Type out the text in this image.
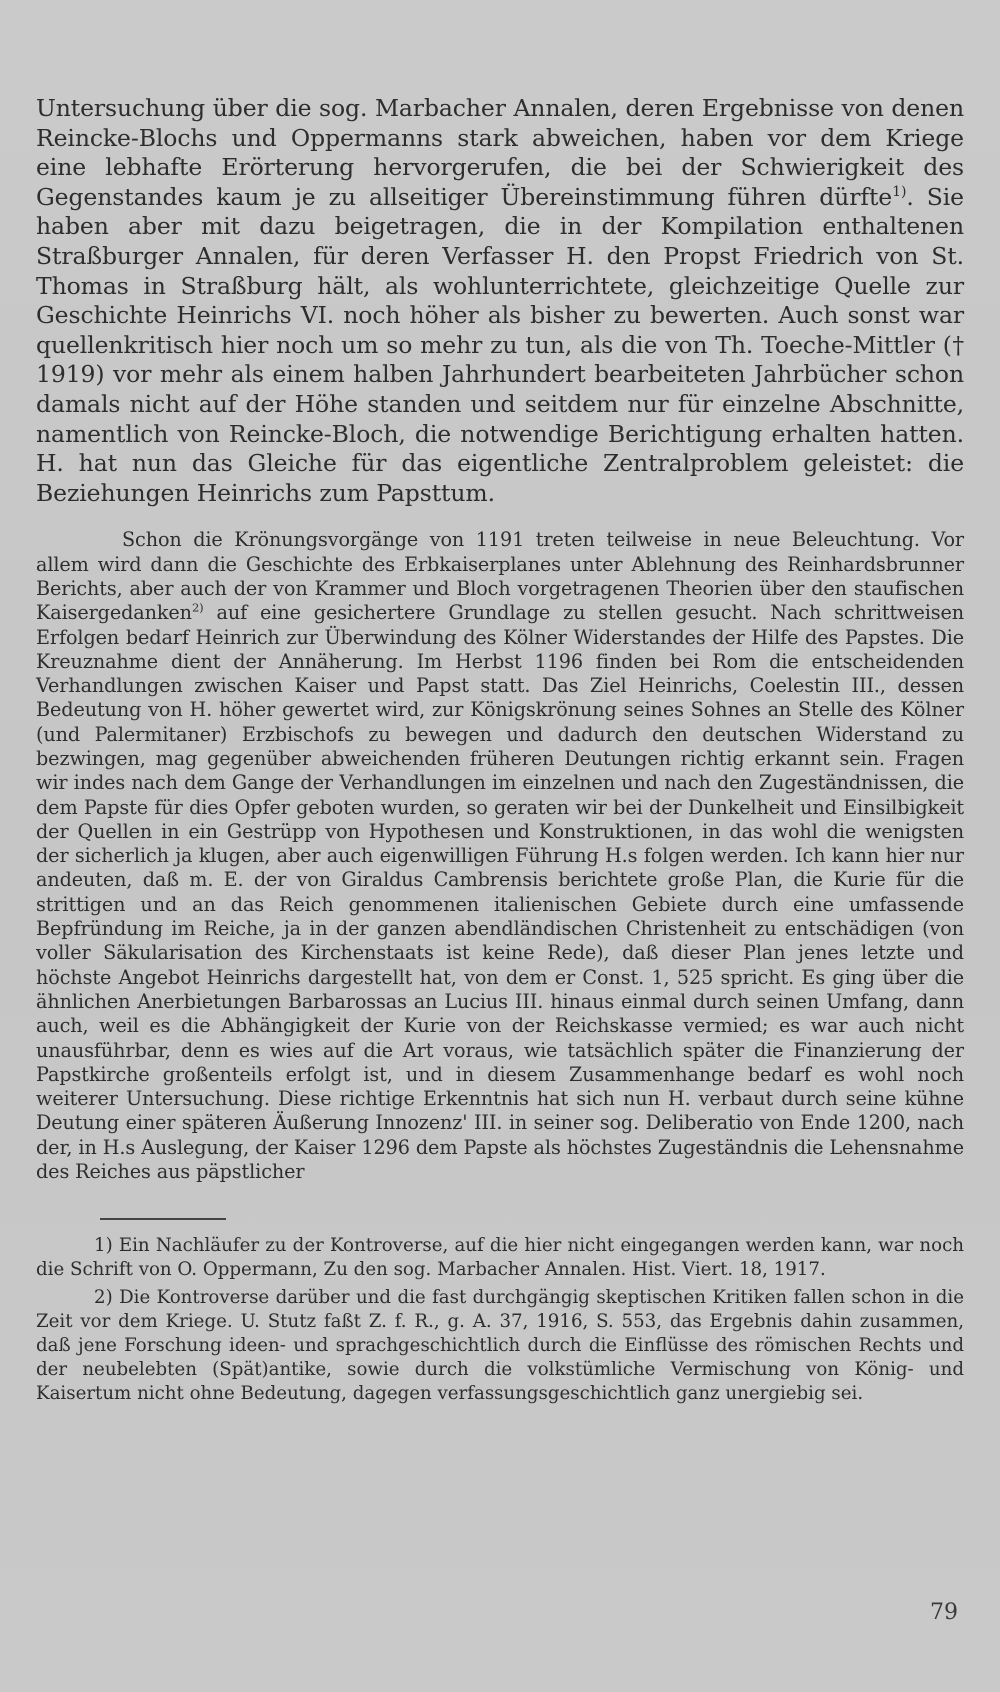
Untersuchung über die sog. Marbacher Annalen, deren Ergebnisse von denen Reincke-Blochs und Oppermanns stark abweichen, haben vor dem Kriege eine lebhafte Erörterung hervorgerufen, die bei der Schwierigkeit des Gegenstandes kaum je zu allseitiger Übereinstimmung führen dürfte$^{1)}$. Sie haben aber mit dazu beigetragen, die in der Kompilation enthaltenen Straßburger Annalen, für deren Verfasser H. den Propst Friedrich von St. Thomas in Straßburg hält, als wohlunterrichtete, gleichzeitige Quelle zur Geschichte Heinrichs VI. noch höher als bisher zu bewerten. Auch sonst war quellenkritisch hier noch um so mehr zu tun, als die von Th. Toeche-Mittler († 1919) vor mehr als einem halben Jahrhundert bearbeiteten Jahrbücher schon damals nicht auf der Höhe standen und seitdem nur für einzelne Abschnitte, namentlich von Reincke-Bloch, die notwendige Berichtigung erhalten hatten. H. hat nun das Gleiche für das eigentliche Zentralproblem geleistet: die Beziehungen Heinrichs zum Papsttum.

Schon die Krönungsvorgänge von 1191 treten teilweise in neue Beleuchtung. Vor allem wird dann die Geschichte des Erbkaiserplanes unter Ablehnung des Reinhardsbrunner Berichts, aber auch der von Krammer und Bloch vorgetragenen Theorien über den staufischen Kaisergedanken$^{2)}$ auf eine gesichertere Grundlage zu stellen gesucht. Nach schrittweisen Erfolgen bedarf Heinrich zur Überwindung des Kölner Widerstandes der Hilfe des Papstes. Die Kreuznahme dient der Annäherung. Im Herbst 1196 finden bei Rom die entscheidenden Verhandlungen zwischen Kaiser und Papst statt. Das Ziel Heinrichs, Coelestin III., dessen Bedeutung von H. höher gewertet wird, zur Königskrönung seines Sohnes an Stelle des Kölner (und Palermitaner) Erzbischofs zu bewegen und dadurch den deutschen Widerstand zu bezwingen, mag gegenüber abweichenden früheren Deutungen richtig erkannt sein. Fragen wir indes nach dem Gange der Verhandlungen im einzelnen und nach den Zugeständnissen, die dem Papste für dies Opfer geboten wurden, so geraten wir bei der Dunkelheit und Einsilbigkeit der Quellen in ein Gestrüpp von Hypothesen und Konstruktionen, in das wohl die wenigsten der sicherlich ja klugen, aber auch eigenwilligen Führung H.s folgen werden. Ich kann hier nur andeuten, daß m. E. der von Giraldus Cambrensis berichtete große Plan, die Kurie für die strittigen und an das Reich genommenen italienischen Gebiete durch eine umfassende Bepfründung im Reiche, ja in der ganzen abendländischen Christenheit zu entschädigen (von voller Säkularisation des Kirchenstaats ist keine Rede), daß dieser Plan jenes letzte und höchste Angebot Heinrichs dargestellt hat, von dem er Const. 1, 525 spricht. Es ging über die ähnlichen Anerbietungen Barbarossas an Lucius III. hinaus einmal durch seinen Umfang, dann auch, weil es die Abhängigkeit der Kurie von der Reichskasse vermied; es war auch nicht unausführbar, denn es wies auf die Art voraus, wie tatsächlich später die Finanzierung der Papstkirche großenteils erfolgt ist, und in diesem Zusammenhange bedarf es wohl noch weiterer Untersuchung. Diese richtige Erkenntnis hat sich nun H. verbaut durch seine kühne Deutung einer späteren Äußerung Innozenz' III. in seiner sog. Deliberatio von Ende 1200, nach der, in H.s Auslegung, der Kaiser 1296 dem Papste als höchstes Zugeständnis die Lehensnahme des Reiches aus päpstlicher

1) Ein Nachläufer zu der Kontroverse, auf die hier nicht eingegangen werden kann, war noch die Schrift von O. Oppermann, Zu den sog. Marbacher Annalen. Hist. Viert. 18, 1917.

2) Die Kontroverse darüber und die fast durchgängig skeptischen Kritiken fallen schon in die Zeit vor dem Kriege. U. Stutz faßt Z. f. R., g. A. 37, 1916, S. 553, das Ergebnis dahin zusammen, daß jene Forschung ideen- und sprachgeschichtlich durch die Einflüsse des römischen Rechts und der neubelebten (Spät)antike, sowie durch die volkstümliche Vermischung von König- und Kaisertum nicht ohne Bedeutung, dagegen verfassungsgeschichtlich ganz unergiebig sei.

79
